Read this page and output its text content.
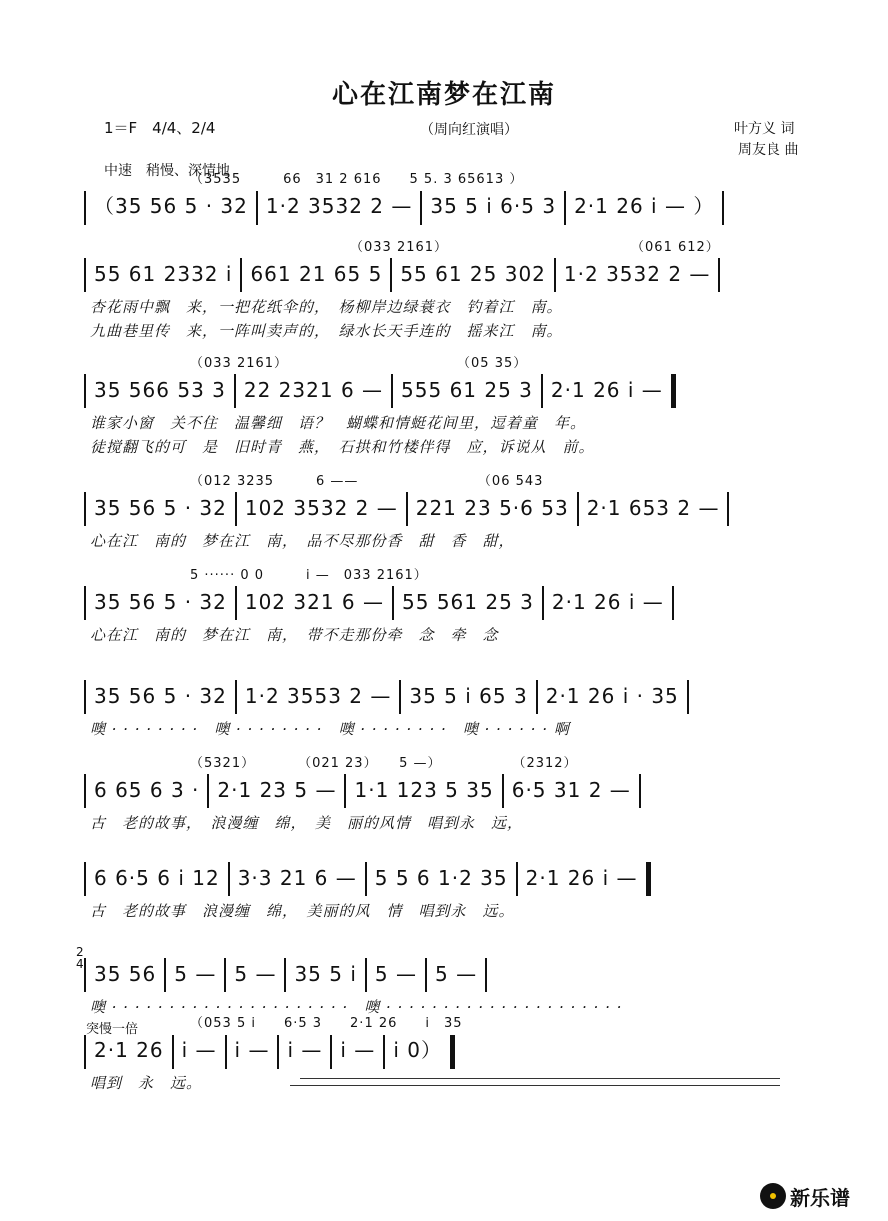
心在江南梦在江南
1＝F　4/4、2/4	（周向红演唱）	叶方义 词
周友良 曲
中速　稍慢、深情地
（3535　　　66　31 2 616　　5 5. 3 65613 ）
（35 56 5 · 32 1·2 3532 2 — 35 5 i 6·5 3 2·1 26 i — ）
（033 2161）　　　　　　　　　　　　　　（061 612）
55 61 2332 i 661 21 65 5 55 61 25 302 1·2 3532 2 —
杏花雨中飘　来，一把花纸伞的，　杨柳岸边绿蓑衣　钓着江　南。
九曲巷里传　来，一阵叫卖声的，　绿水长天手连的　摇来江　南。
（033 2161）　　　　　　　　　　　　　（05 35）
35 566 53 3 22 2321 6 — 555 61 25 3 2·1 26 i —
谁家小窗　关不住　温馨细　语？　蝴蝶和情蜓花间里，逗着童　年。
徒搅翻飞的可　是　旧时青　燕，　石拱和竹楼伴得　应，诉说从　前。
（012 3235　　　6 ——　　　　　　　　　（06 543
35 56 5 · 32 102 3532 2 — 221 23 5·6 53 2·1 653 2 —
心在江　南的　梦在江　南，　品不尽那份香　甜　香　甜，
5 ······ 0 0　　　i —　033 2161）
35 56 5 · 32 102 321 6 — 55 561 25 3 2·1 26 i —
心在江　南的　梦在江　南，　带不走那份牵　念　牵　念
35 56 5 · 32 1·2 3553 2 — 35 5 i 65 3 2·1 26 i · 35
噢 · · · · · · · ·　噢 · · · · · · · ·　噢 · · · · · · · ·　噢 · · · · · · 啊
（5321）　　　　（021 23）　　5 —）　　　　　　（2312）
6 65 6 3 · 2·1 23 5 — 1·1 123 5 35 6·5 31 2 —
古　老的故事，　浪漫缠　绵，　美　丽的风情　唱到永　远，
6 6·5 6 i 12 3·3 21 6 — 5 5 6 1·2 35 2·1 26 i —
古　老的故事　浪漫缠　绵，　美丽的风　情　唱到永　远。
35 56 5 — 5 — 35 5 i 5 — 5 —
噢 · · · · · · · · · · · · · · · · · · · · ·　噢 · · · · · · · · · · · · · · · · · · · · ·
（053 5 i　　6·5 3　　2·1 26　　i　35
2·1 26 i — i — i — i — i 0）
唱到　永　远。
2
4
突慢一倍
新乐谱
